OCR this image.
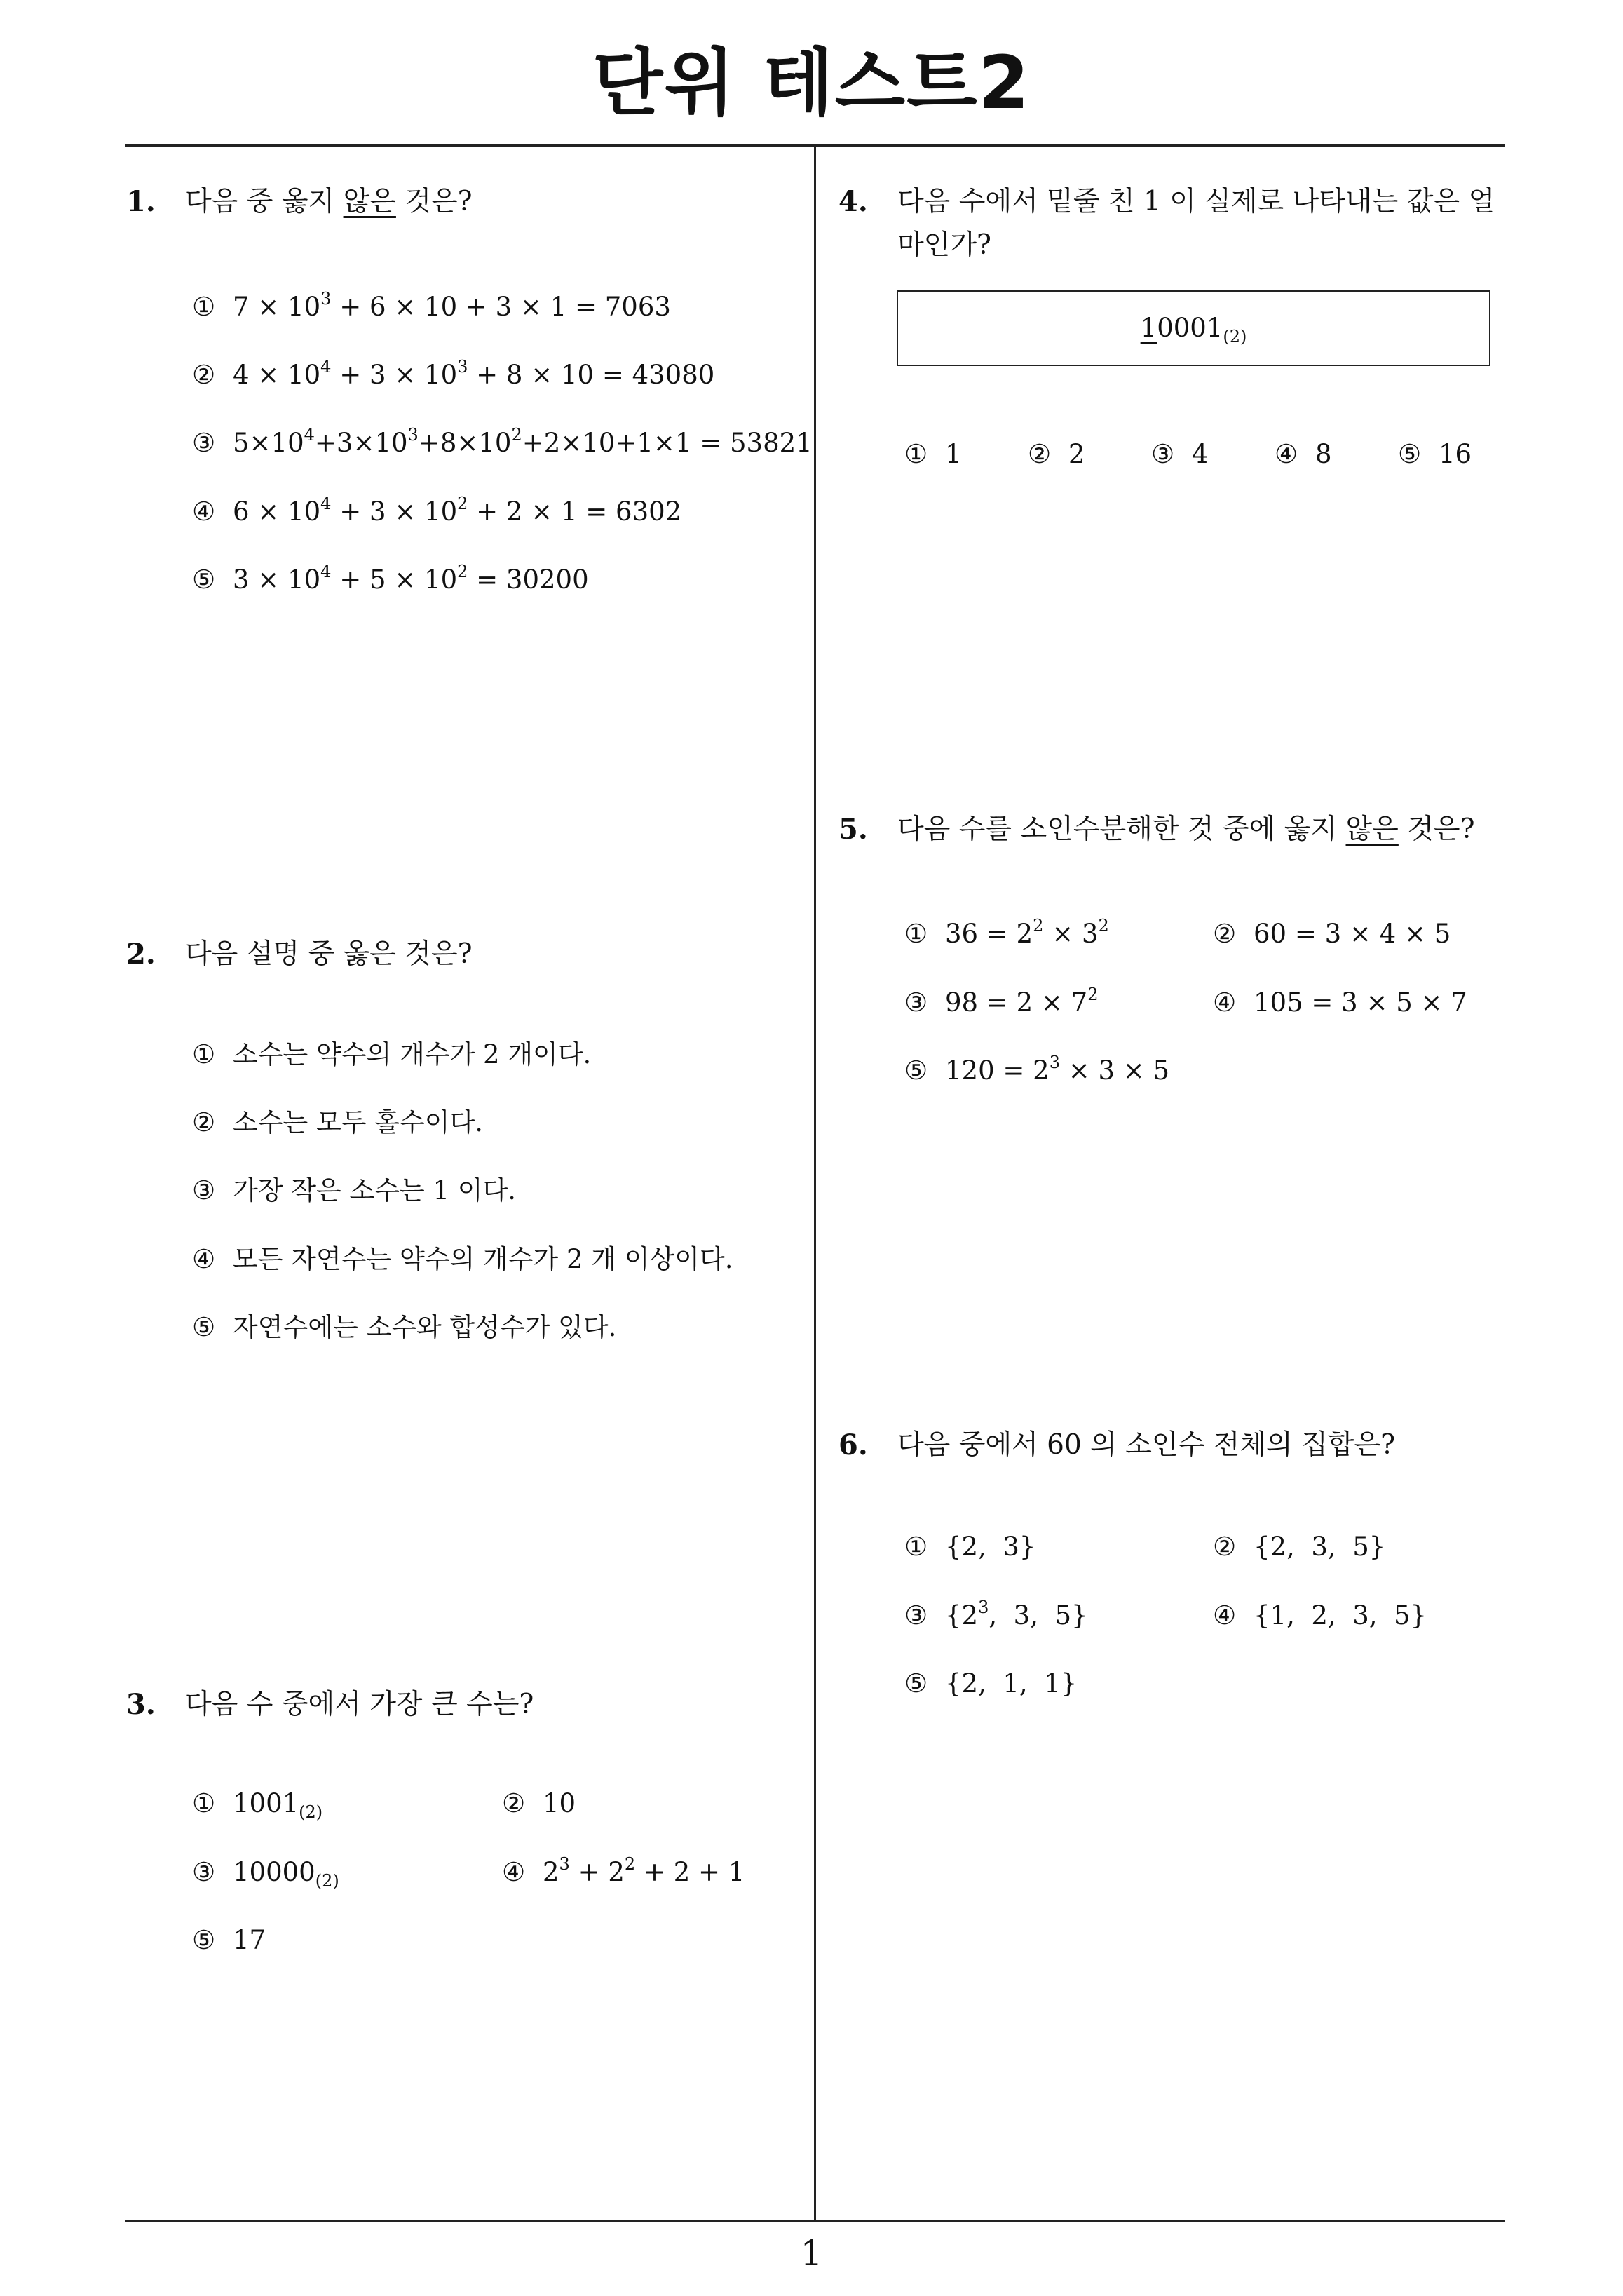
단위 테스트2
1. 다음 중 옳지 않은 것은?
① $7 \times 10^3 + 6 \times 10 + 3 \times 1 = 7063$
② $4 \times 10^4 + 3 \times 10^3 + 8 \times 10 = 43080$
③ $5\times 10^4+3\times 10^3+8\times 10^2+2\times 10+1\times 1 = 53821$
④ $6 \times 10^4 + 3 \times 10^2 + 2 \times 1 = 6302$
⑤ $3 \times 10^4 + 5 \times 10^2 = 30200$
2. 다음 설명 중 옳은 것은?
① 소수는 약수의 개수가 2 개이다.
② 소수는 모두 홀수이다.
③ 가장 작은 소수는 1 이다.
④ 모든 자연수는 약수의 개수가 2 개 이상이다.
⑤ 자연수에는 소수와 합성수가 있다.
3. 다음 수 중에서 가장 큰 수는?
① $1001_{(2)}$	② 10
③ $10000_{(2)}$	④ $2^3 + 2^2 + 2 + 1$
⑤ 17
4. 다음 수에서 밑줄 친 1 이 실제로 나타내는 값은 얼마인가?
$10001_{(2)}$
① 1	② 2	③ 4	④ 8	⑤ 16
5. 다음 수를 소인수분해한 것 중에 옳지 않은 것은?
① $36 = 2^2 \times 3^2$	② 60 = 3 × 4 × 5
③ $98 = 2 \times 7^2$	④ 105 = 3 × 5 × 7
⑤ $120 = 2^3 \times 3 \times 5$
6. 다음 중에서 60 의 소인수 전체의 집합은?
① {2,  3}	② {2,  3,  5}
③ {$2^3$,  3,  5}	④ {1,  2,  3,  5}
⑤ {2,  1,  1}
1
